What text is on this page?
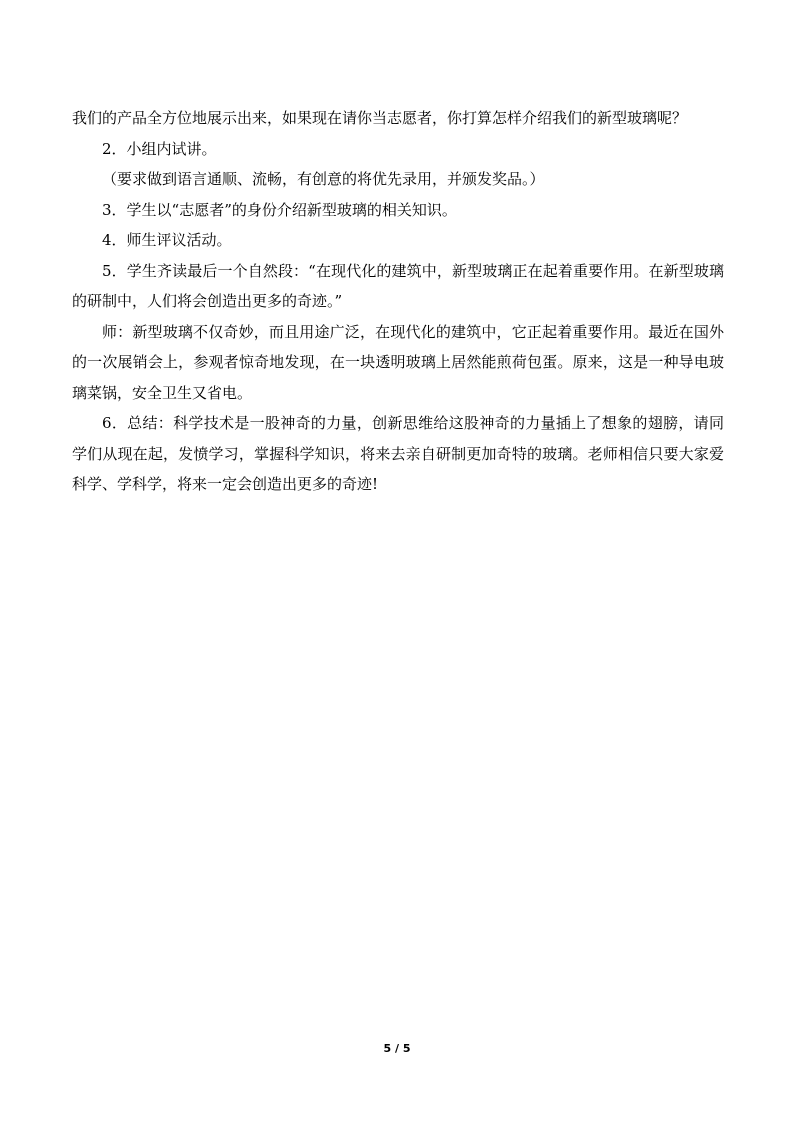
我们的产品全方位地展示出来，如果现在请你当志愿者，你打算怎样介绍我们的新型玻璃呢？

2．小组内试讲。

（要求做到语言通顺、流畅，有创意的将优先录用，并颁发奖品。）

3．学生以“志愿者”的身份介绍新型玻璃的相关知识。

4．师生评议活动。

5．学生齐读最后一个自然段：“在现代化的建筑中，新型玻璃正在起着重要作用。在新型玻璃的研制中，人们将会创造出更多的奇迹。”

师：新型玻璃不仅奇妙，而且用途广泛，在现代化的建筑中，它正起着重要作用。最近在国外的一次展销会上，参观者惊奇地发现，在一块透明玻璃上居然能煎荷包蛋。原来，这是一种导电玻璃菜锅，安全卫生又省电。

6．总结：科学技术是一股神奇的力量，创新思维给这股神奇的力量插上了想象的翅膀，请同学们从现在起，发愤学习，掌握科学知识，将来去亲自研制更加奇特的玻璃。老师相信只要大家爱科学、学科学，将来一定会创造出更多的奇迹!

5 / 5
